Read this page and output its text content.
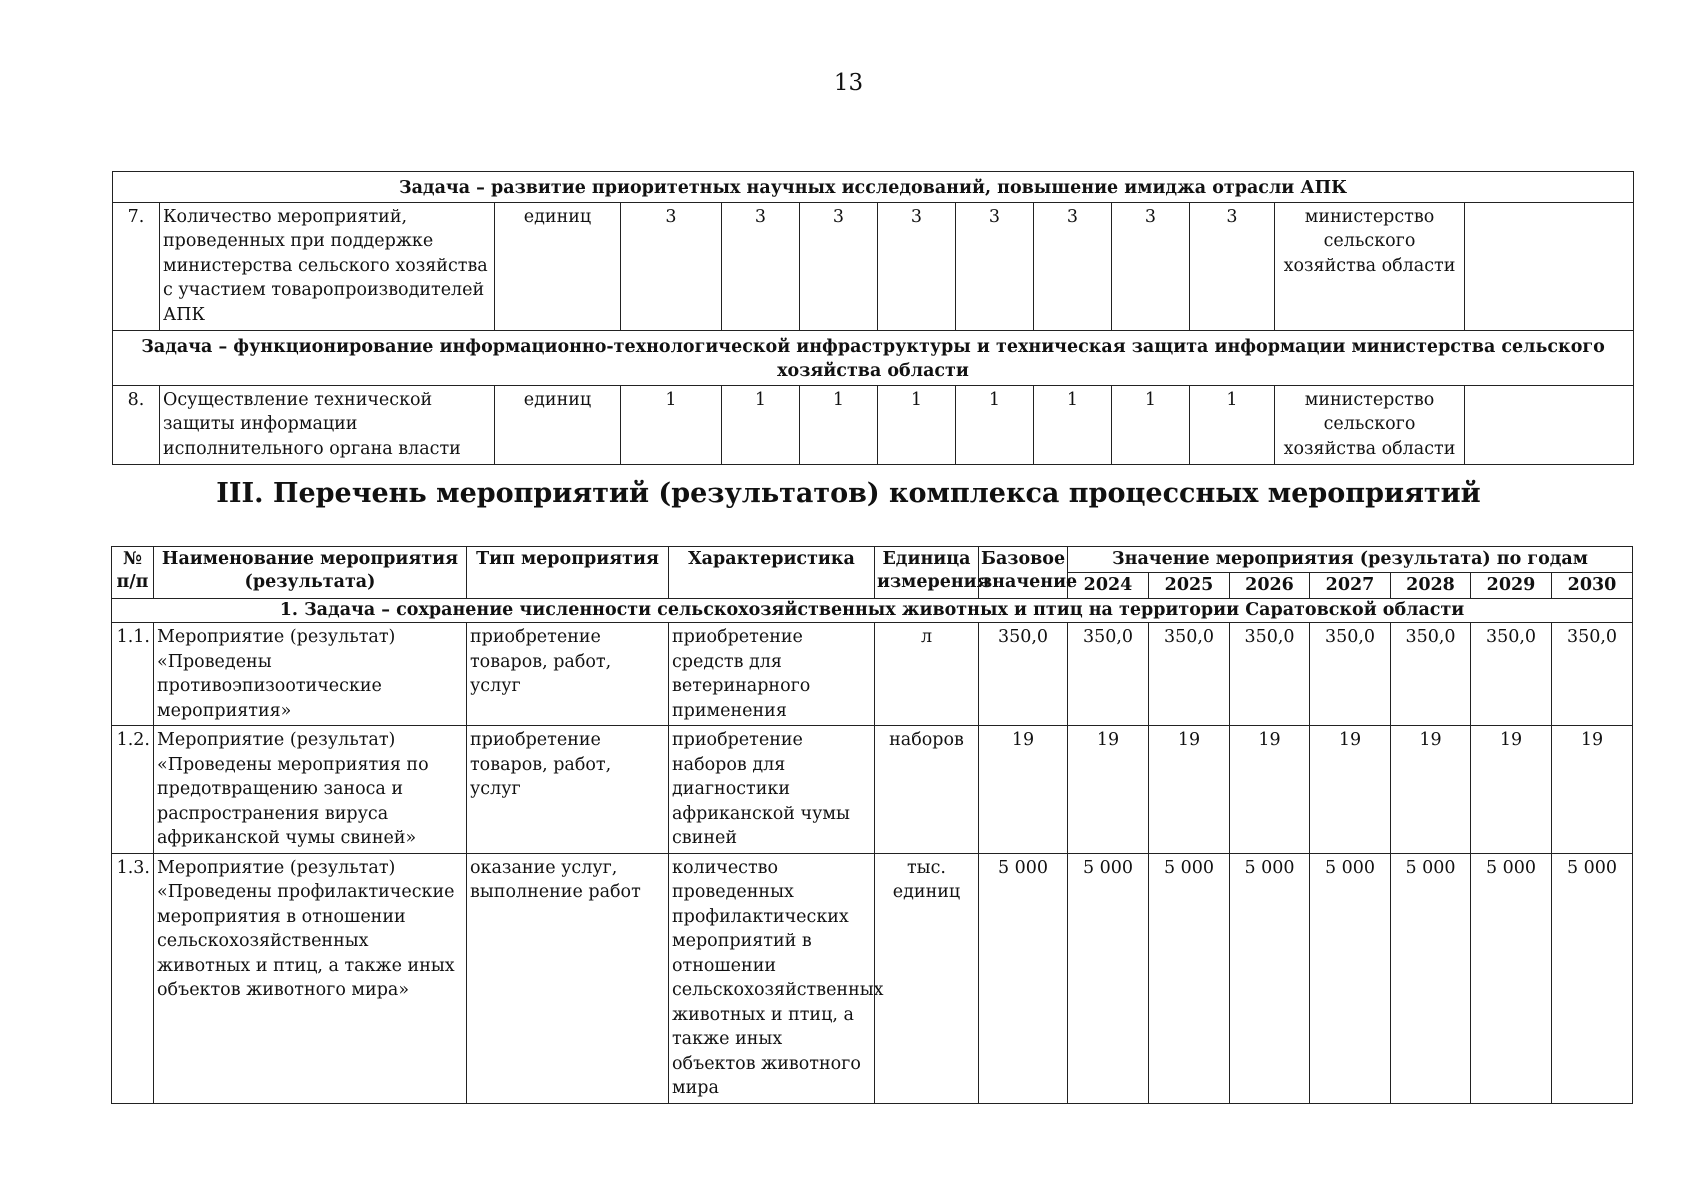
13
Задача – развитие приоритетных научных исследований, повышение имиджа отрасли АПК												
7.	Количество мероприятий, проведенных при поддержке министерства сельского хозяйства с участием товаропроизводителей АПК	единиц	3	3	3	3	3	3	3	3	министерство сельского хозяйства области	
Задача – функционирование информационно-технологической инфраструктуры и техническая защита информации министерства сельского хозяйства области												
8.	Осуществление технической защиты информации исполнительного органа власти	единиц	1	1	1	1	1	1	1	1	министерство сельского хозяйства области	
III. Перечень мероприятий (результатов) комплекса процессных мероприятий
№ п/п	Наименование мероприятия (результата)	Тип мероприятия	Характеристика	Единица измерения	Базовое значение	Значение мероприятия (результата) по годам						
						2024	2025	2026	2027	2028	2029	2030
1. Задача – сохранение численности сельскохозяйственных животных и птиц на территории Саратовской области												
1.1.	Мероприятие (результат) «Проведены противоэпизоотические мероприятия»	приобретение товаров, работ, услуг	приобретение средств для ветеринарного применения	л	350,0	350,0	350,0	350,0	350,0	350,0	350,0	350,0
1.2.	Мероприятие (результат) «Проведены мероприятия по предотвращению заноса и распространения вируса африканской чумы свиней»	приобретение товаров, работ, услуг	приобретение наборов для диагностики африканской чумы свиней	наборов	19	19	19	19	19	19	19	19
1.3.	Мероприятие (результат) «Проведены профилактические мероприятия в отношении сельскохозяйственных животных и птиц, а также иных объектов животного мира»	оказание услуг, выполнение работ	количество проведенных профилактических мероприятий в отношении сельскохозяйственных животных и птиц, а также иных объектов животного мира	тыс. единиц	5 000	5 000	5 000	5 000	5 000	5 000	5 000	5 000
